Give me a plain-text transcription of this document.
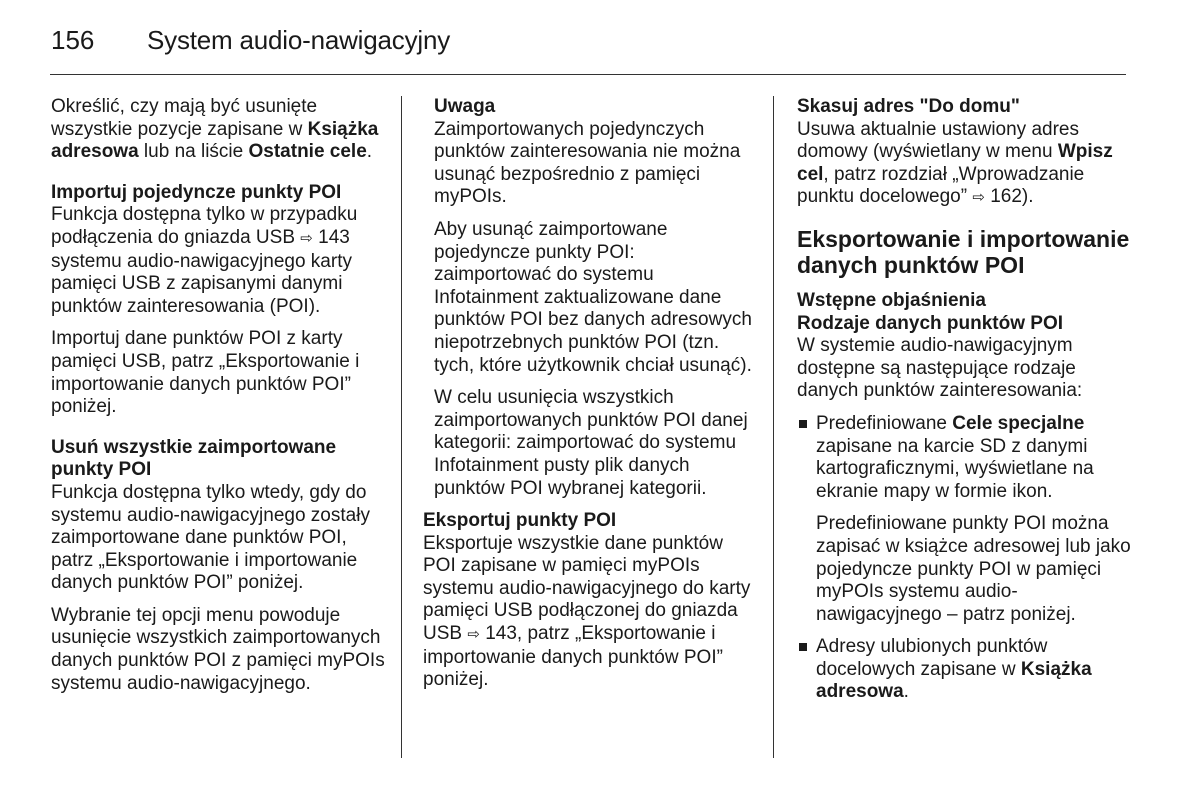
156 System audio-nawigacyjny

Określić, czy mają być usunięte wszystkie pozycje zapisane w Książka adresowa lub na liście Ostatnie cele.

Importuj pojedyncze punkty POI

Funkcja dostępna tylko w przypadku podłączenia do gniazda USB ⇨ 143 systemu audio-nawigacyjnego karty pamięci USB z zapisanymi danymi punktów zainteresowania (POI).

Importuj dane punktów POI z karty pamięci USB, patrz „Eksportowanie i importowanie danych punktów POI” poniżej.

Usuń wszystkie zaimportowane punkty POI

Funkcja dostępna tylko wtedy, gdy do systemu audio-nawigacyjnego zostały zaimportowane dane punktów POI, patrz „Eksportowanie i importowanie danych punktów POI” poniżej.

Wybranie tej opcji menu powoduje usunięcie wszystkich zaimportowanych danych punktów POI z pamięci myPOIs systemu audio-nawigacyjnego.

Uwaga

Zaimportowanych pojedynczych punktów zainteresowania nie można usunąć bezpośrednio z pamięci myPOIs.

Aby usunąć zaimportowane pojedyncze punkty POI: zaimportować do systemu Infotainment zaktualizowane dane punktów POI bez danych adresowych niepotrzebnych punktów POI (tzn. tych, które użytkownik chciał usunąć).

W celu usunięcia wszystkich zaimportowanych punktów POI danej kategorii: zaimportować do systemu Infotainment pusty plik danych punktów POI wybranej kategorii.

Eksportuj punkty POI

Eksportuje wszystkie dane punktów POI zapisane w pamięci myPOIs systemu audio-nawigacyjnego do karty pamięci USB podłączonej do gniazda USB ⇨ 143, patrz „Eksportowanie i importowanie danych punktów POI” poniżej.

Skasuj adres "Do domu"

Usuwa aktualnie ustawiony adres domowy (wyświetlany w menu Wpisz cel, patrz rozdział „Wprowadzanie punktu docelowego” ⇨ 162).

Eksportowanie i importowanie danych punktów POI
Wstępne objaśnienia
Rodzaje danych punktów POI

W systemie audio-nawigacyjnym dostępne są następujące rodzaje danych punktów zainteresowania:

Predefiniowane Cele specjalne zapisane na karcie SD z danymi kartograficznymi, wyświetlane na ekranie mapy w formie ikon.

Predefiniowane punkty POI można zapisać w książce adresowej lub jako pojedyncze punkty POI w pamięci myPOIs systemu audio-nawigacyjnego – patrz poniżej.

Adresy ulubionych punktów docelowych zapisane w Książka adresowa.
